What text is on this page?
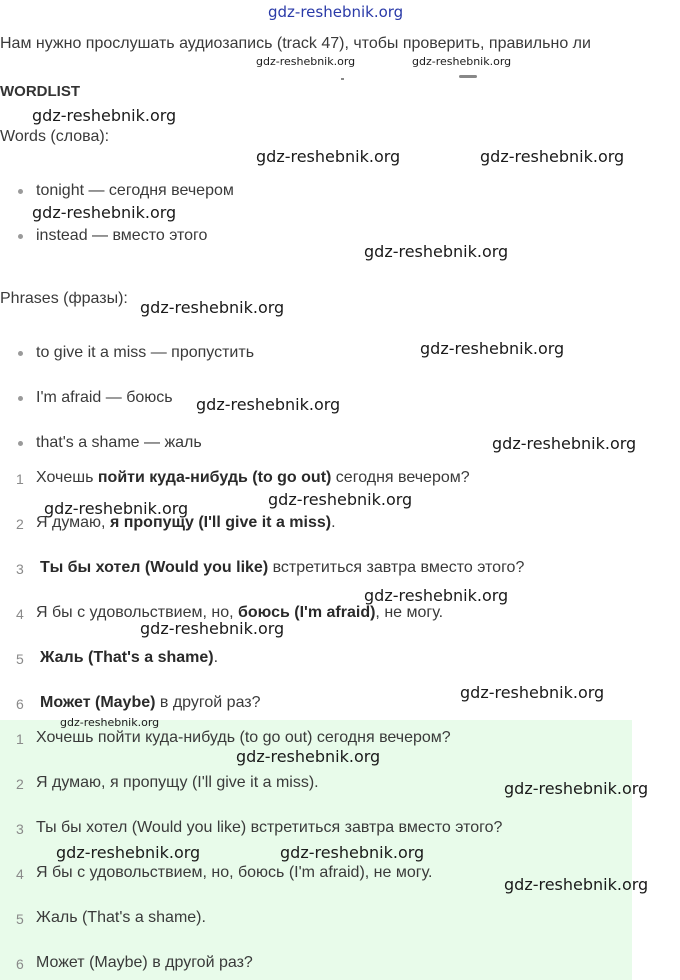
gdz-reshebnik.org
Нам нужно прослушать аудиозапись (track 47), чтобы проверить, правильно ли
WORDLIST
Words (слова):
tonight — сегодня вечером
instead — вместо этого
Phrases (фразы):
to give it a miss — пропустить
I'm afraid — боюсь
that's a shame — жаль
1 Хочешь пойти куда-нибудь (to go out) сегодня вечером?
2 Я думаю, я пропущу (I'll give it a miss).
3 Ты бы хотел (Would you like) встретиться завтра вместо этого?
4 Я бы с удовольствием, но, боюсь (I'm afraid), не могу.
5 Жаль (That's a shame).
6 Может (Maybe) в другой раз?
1 Хочешь пойти куда-нибудь (to go out) сегодня вечером?
2 Я думаю, я пропущу (I'll give it a miss).
3 Ты бы хотел (Would you like) встретиться завтра вместо этого?
4 Я бы с удовольствием, но, боюсь (I'm afraid), не могу.
5 Жаль (That's a shame).
6 Может (Maybe) в другой раз?
gdz-reshebnik.org	gdz-reshebnik.org
gdz-reshebnik.org
gdz-reshebnik.org	gdz-reshebnik.org
gdz-reshebnik.org
gdz-reshebnik.org
gdz-reshebnik.org
gdz-reshebnik.org
gdz-reshebnik.org
gdz-reshebnik.org
gdz-reshebnik.org
gdz-reshebnik.org
gdz-reshebnik.org
gdz-reshebnik.org
gdz-reshebnik.org
gdz-reshebnik.org
gdz-reshebnik.org
gdz-reshebnik.org
gdz-reshebnik.org	gdz-reshebnik.org
gdz-reshebnik.org
